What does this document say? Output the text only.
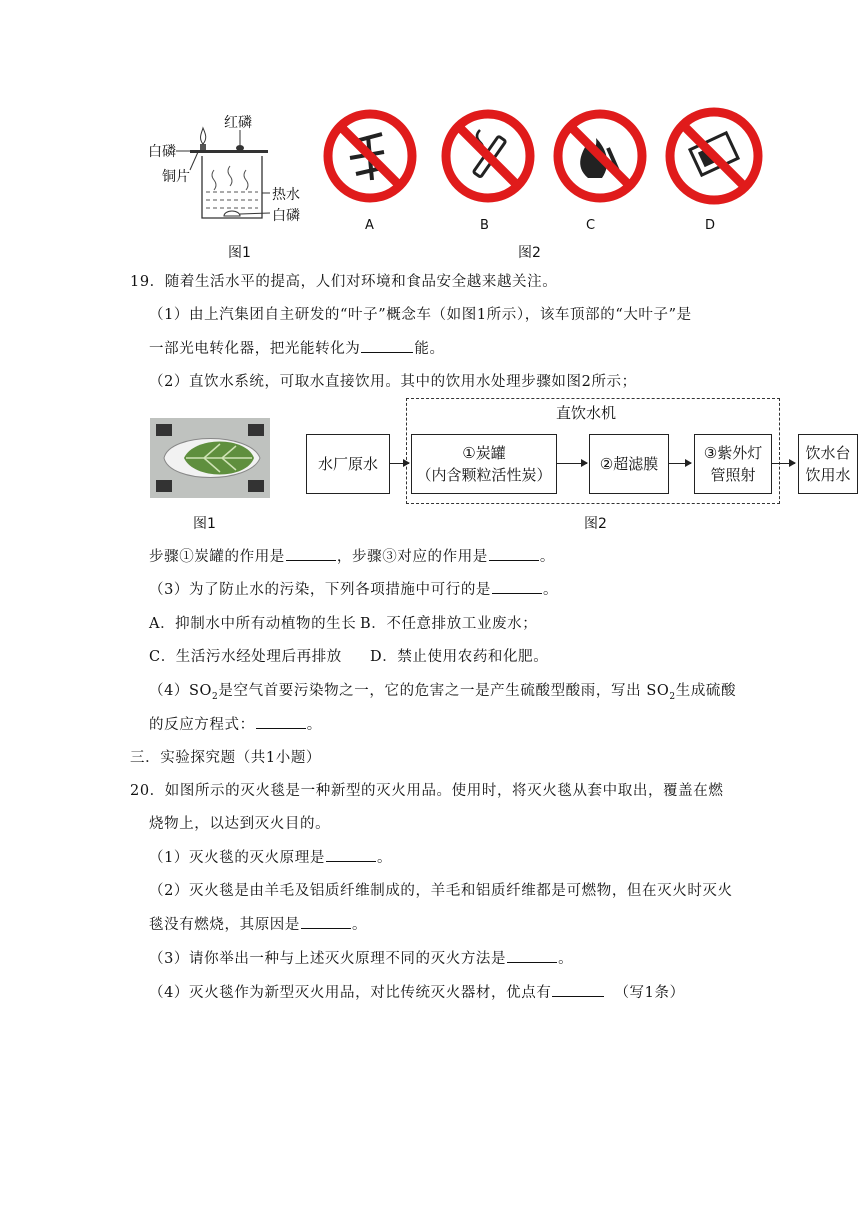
红磷
白磷
铜片
热水
白磷
图1
A	B	C	D
图2
19．随着生活水平的提高，人们对环境和食品安全越来越关注。
（1）由上汽集团自主研发的“叶子”概念车（如图1所示），该车顶部的“大叶子”是
一部光电转化器，把光能转化为	能。
（2）直饮水系统，可取水直接饮用。其中的饮用水处理步骤如图2所示；
图1
直饮水机
水厂原水
①炭罐
（内含颗粒活性炭）
②超滤膜
③紫外灯
管照射
饮水台
饮用水
图2
步骤①炭罐的作用是	，步骤③对应的作用是	。
（3）为了防止水的污染，下列各项措施中可行的是	。
A．抑制水中所有动植物的生长 B．不任意排放工业废水；
C．生活污水经处理后再排放 D．禁止使用农药和化肥。
$(4)SO_2$是空气首要污染物之一，它的危害之一是产生硫酸型酸雨，写出 $SO_2$生成硫酸
的反应方程式：	。
三．实验探究题（共1小题）
20．如图所示的灭火毯是一种新型的灭火用品。使用时，将灭火毯从套中取出，覆盖在燃
烧物上，以达到灭火目的。
（1）灭火毯的灭火原理是	。
（2）灭火毯是由羊毛及铝质纤维制成的，羊毛和铝质纤维都是可燃物，但在灭火时灭火
毯没有燃烧，其原因是	。
（3）请你举出一种与上述灭火原理不同的灭火方法是	。
（4）灭火毯作为新型灭火用品，对比传统灭火器材，优点有	（写1条）
